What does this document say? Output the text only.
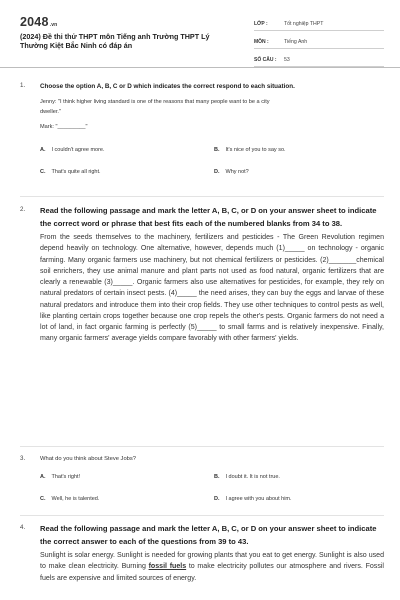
2048.vn
(2024) Đề thi thử THPT môn Tiếng anh Trường THPT Lý Thường Kiệt Bắc Ninh có đáp án
LỚP :	Tốt nghiệp THPT
MÔN :	Tiếng Anh
SỐ CÂU :	53
1. Choose the option A, B, C or D which indicates the correct respond to each situation.
Jenny: "I think higher living standard is one of the reasons that many people want to be a city
dweller."
Mark: "_________"
A. I couldn't agree more.	B. It's nice of you to say so.
C. That's quite all right.	D. Why not?
2. Read the following passage and mark the letter A, B, C, or D on your answer sheet to indicate the correct word or phrase that best fits each of the numbered blanks from 34 to 38.
From the seeds themselves to the machinery, fertilizers and pesticides - The Green Revolution regimen depend heavily on technology. One alternative, however, depends much (1)_____ on technology - organic farming. Many organic farmers use machinery, but not chemical fertilizers or pesticides. (2)_______chemical soil enrichers, they use animal manure and plant parts not used as food natural, organic fertilizers that are clearly a renewable (3)_____. Organic farmers also use alternatives for pesticides, for example, they rely on natural predators of certain insect pests. (4)_____ the need arises, they can buy the eggs and larvae of these natural predators and introduce them into their crop fields. They use other techniques to control pests as well, like planting certain crops together because one crop repels the other's pests. Organic farmers do not need a lot of land, in fact organic farming is perfectly (5)_____ to small farms and is relatively inexpensive. Finally, many organic farmers' average yields compare favorably with other farmers' yields.
3.	What do you think about Steve Jobs?
A. That's right!	B. I doubt it. It is not true.
C. Well, he is talented.	D. I agree with you about him.
4. Read the following passage and mark the letter A, B, C, or D on your answer sheet to indicate the correct answer to each of the questions from 39 to 43.
Sunlight is solar energy. Sunlight is needed for growing plants that you eat to get energy. Sunlight is also used to make clean electricity. Burning fossil fuels to make electricity pollutes our atmosphere and rivers. Fossil fuels are expensive and limited sources of energy.
